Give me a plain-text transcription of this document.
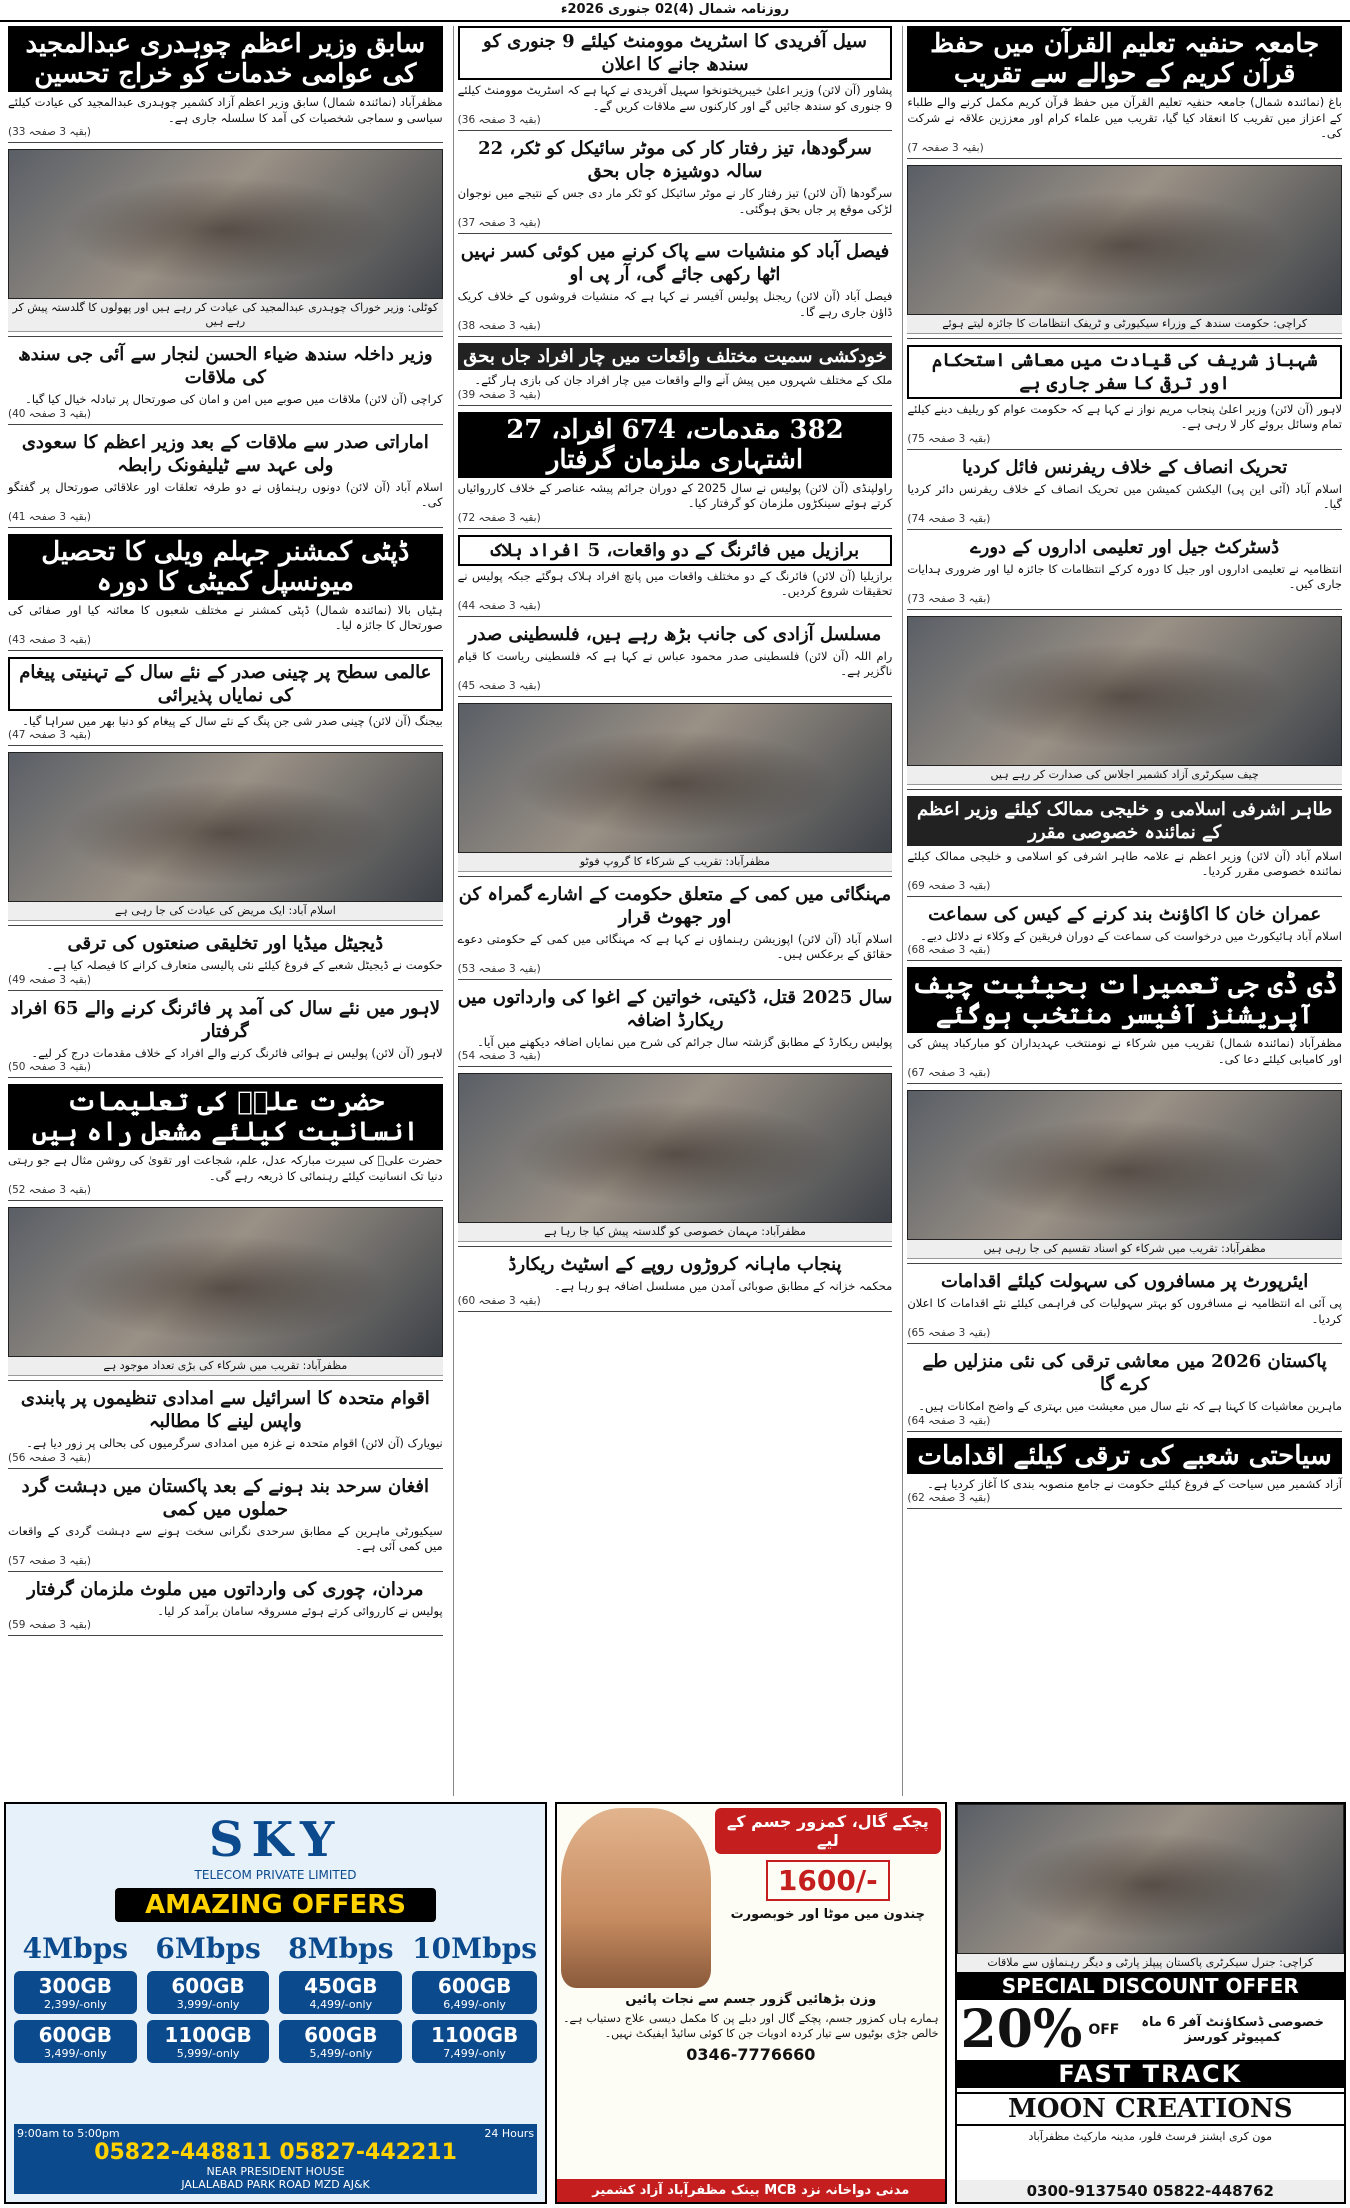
روزنامہ شمال (4)02 جنوری 2026ء
جامعہ حنفیہ تعلیم القرآن میں حفظ قرآن کریم کے حوالے سے تقریب
باغ (نمائندہ شمال) جامعہ حنفیہ تعلیم القرآن میں حفظ قرآن کریم مکمل کرنے والے طلباء کے اعزاز میں تقریب کا انعقاد کیا گیا، تقریب میں علماء کرام اور معززین علاقہ نے شرکت کی۔
(بقیہ 3 صفحہ 7)
کراچی: حکومت سندھ کے وزراء سیکیورٹی و ٹریفک انتظامات کا جائزہ لیتے ہوئے
شہباز شریف کی قیادت میں معاشی استحکام اور ترقی کا سفر جاری ہے
لاہور (آن لائن) وزیر اعلیٰ پنجاب مریم نواز نے کہا ہے کہ حکومت عوام کو ریلیف دینے کیلئے تمام وسائل بروئے کار لا رہی ہے۔
(بقیہ 3 صفحہ 75)
تحریک انصاف کے خلاف ریفرنس فائل کردیا
اسلام آباد (آئی این پی) الیکشن کمیشن میں تحریک انصاف کے خلاف ریفرنس دائر کردیا گیا۔
(بقیہ 3 صفحہ 74)
ڈسٹرکٹ جیل اور تعلیمی اداروں کے دورے
انتظامیہ نے تعلیمی اداروں اور جیل کا دورہ کرکے انتظامات کا جائزہ لیا اور ضروری ہدایات جاری کیں۔
(بقیہ 3 صفحہ 73)
چیف سیکرٹری آزاد کشمیر اجلاس کی صدارت کر رہے ہیں
طاہر اشرفی اسلامی و خلیجی ممالک کیلئے وزیر اعظم کے نمائندہ خصوصی مقرر
اسلام آباد (آن لائن) وزیر اعظم نے علامہ طاہر اشرفی کو اسلامی و خلیجی ممالک کیلئے نمائندہ خصوصی مقرر کردیا۔
(بقیہ 3 صفحہ 69)
عمران خان کا اکاؤنٹ بند کرنے کے کیس کی سماعت
اسلام آباد ہائیکورٹ میں درخواست کی سماعت کے دوران فریقین کے وکلاء نے دلائل دیے۔
(بقیہ 3 صفحہ 68)
ڈی ڈی جی تعمیرات بحیثیت چیف آپریشنز آفیسر منتخب ہوگئے
مظفرآباد (نمائندہ شمال) تقریب میں شرکاء نے نومنتخب عہدیداران کو مبارکباد پیش کی اور کامیابی کیلئے دعا کی۔
(بقیہ 3 صفحہ 67)
مظفرآباد: تقریب میں شرکاء کو اسناد تقسیم کی جا رہی ہیں
ایئرپورٹ پر مسافروں کی سہولت کیلئے اقدامات
پی آئی اے انتظامیہ نے مسافروں کو بہتر سہولیات کی فراہمی کیلئے نئے اقدامات کا اعلان کردیا۔
(بقیہ 3 صفحہ 65)
پاکستان 2026 میں معاشی ترقی کی نئی منزلیں طے کرے گا
ماہرین معاشیات کا کہنا ہے کہ نئے سال میں معیشت میں بہتری کے واضح امکانات ہیں۔
(بقیہ 3 صفحہ 64)
سیاحتی شعبے کی ترقی کیلئے اقدامات
آزاد کشمیر میں سیاحت کے فروغ کیلئے حکومت نے جامع منصوبہ بندی کا آغاز کردیا ہے۔
(بقیہ 3 صفحہ 62)
سیل آفریدی کا اسٹریٹ موومنٹ کیلئے 9 جنوری کو سندھ جانے کا اعلان
پشاور (آن لائن) وزیر اعلیٰ خیبرپختونخوا سہیل آفریدی نے کہا ہے کہ اسٹریٹ موومنٹ کیلئے 9 جنوری کو سندھ جائیں گے اور کارکنوں سے ملاقات کریں گے۔
(بقیہ 3 صفحہ 36)
سرگودھا، تیز رفتار کار کی موٹر سائیکل کو ٹکر، 22 سالہ دوشیزہ جاں بحق
سرگودھا (آن لائن) تیز رفتار کار نے موٹر سائیکل کو ٹکر مار دی جس کے نتیجے میں نوجوان لڑکی موقع پر جاں بحق ہوگئی۔
(بقیہ 3 صفحہ 37)
فیصل آباد کو منشیات سے پاک کرنے میں کوئی کسر نہیں اٹھا رکھی جائے گی، آر پی او
فیصل آباد (آن لائن) ریجنل پولیس آفیسر نے کہا ہے کہ منشیات فروشوں کے خلاف کریک ڈاؤن جاری رہے گا۔
(بقیہ 3 صفحہ 38)
خودکشی سمیت مختلف واقعات میں چار افراد جاں بحق
ملک کے مختلف شہروں میں پیش آنے والے واقعات میں چار افراد جان کی بازی ہار گئے۔
(بقیہ 3 صفحہ 39)
382 مقدمات، 674 افراد، 27 اشتہاری ملزمان گرفتار
راولپنڈی (آن لائن) پولیس نے سال 2025 کے دوران جرائم پیشہ عناصر کے خلاف کارروائیاں کرتے ہوئے سینکڑوں ملزمان کو گرفتار کیا۔
(بقیہ 3 صفحہ 72)
برازیل میں فائرنگ کے دو واقعات، 5 افراد ہلاک
برازیلیا (آن لائن) فائرنگ کے دو مختلف واقعات میں پانچ افراد ہلاک ہوگئے جبکہ پولیس نے تحقیقات شروع کردیں۔
(بقیہ 3 صفحہ 44)
مسلسل آزادی کی جانب بڑھ رہے ہیں، فلسطینی صدر
رام اللہ (آن لائن) فلسطینی صدر محمود عباس نے کہا ہے کہ فلسطینی ریاست کا قیام ناگزیر ہے۔
(بقیہ 3 صفحہ 45)
مظفرآباد: تقریب کے شرکاء کا گروپ فوٹو
مہنگائی میں کمی کے متعلق حکومت کے اشارے گمراہ کن اور جھوٹ قرار
اسلام آباد (آن لائن) اپوزیشن رہنماؤں نے کہا ہے کہ مہنگائی میں کمی کے حکومتی دعوے حقائق کے برعکس ہیں۔
(بقیہ 3 صفحہ 53)
سال 2025 قتل، ڈکیتی، خواتین کے اغوا کی وارداتوں میں ریکارڈ اضافہ
پولیس ریکارڈ کے مطابق گزشتہ سال جرائم کی شرح میں نمایاں اضافہ دیکھنے میں آیا۔
(بقیہ 3 صفحہ 54)
مظفرآباد: مہمان خصوصی کو گلدستہ پیش کیا جا رہا ہے
پنجاب ماہانہ کروڑوں روپے کے اسٹیٹ ریکارڈ
محکمہ خزانہ کے مطابق صوبائی آمدن میں مسلسل اضافہ ہو رہا ہے۔
(بقیہ 3 صفحہ 60)
سابق وزیر اعظم چوہدری عبدالمجید کی عوامی خدمات کو خراج تحسین
مظفرآباد (نمائندہ شمال) سابق وزیر اعظم آزاد کشمیر چوہدری عبدالمجید کی عیادت کیلئے سیاسی و سماجی شخصیات کی آمد کا سلسلہ جاری ہے۔
(بقیہ 3 صفحہ 33)
کوٹلی: وزیر خوراک چوہدری عبدالمجید کی عیادت کر رہے ہیں اور پھولوں کا گلدستہ پیش کر رہے ہیں
وزیر داخلہ سندھ ضیاء الحسن لنجار سے آئی جی سندھ کی ملاقات
کراچی (آن لائن) ملاقات میں صوبے میں امن و امان کی صورتحال پر تبادلہ خیال کیا گیا۔
(بقیہ 3 صفحہ 40)
اماراتی صدر سے ملاقات کے بعد وزیر اعظم کا سعودی ولی عہد سے ٹیلیفونک رابطہ
اسلام آباد (آن لائن) دونوں رہنماؤں نے دو طرفہ تعلقات اور علاقائی صورتحال پر گفتگو کی۔
(بقیہ 3 صفحہ 41)
ڈپٹی کمشنر جہلم ویلی کا تحصیل میونسپل کمیٹی کا دورہ
ہٹیاں بالا (نمائندہ شمال) ڈپٹی کمشنر نے مختلف شعبوں کا معائنہ کیا اور صفائی کی صورتحال کا جائزہ لیا۔
(بقیہ 3 صفحہ 43)
عالمی سطح پر چینی صدر کے نئے سال کے تہنیتی پیغام کی نمایاں پذیرائی
بیجنگ (آن لائن) چینی صدر شی جن پنگ کے نئے سال کے پیغام کو دنیا بھر میں سراہا گیا۔
(بقیہ 3 صفحہ 47)
اسلام آباد: ایک مریض کی عیادت کی جا رہی ہے
ڈیجیٹل میڈیا اور تخلیقی صنعتوں کی ترقی
حکومت نے ڈیجیٹل شعبے کے فروغ کیلئے نئی پالیسی متعارف کرانے کا فیصلہ کیا ہے۔
(بقیہ 3 صفحہ 49)
لاہور میں نئے سال کی آمد پر فائرنگ کرنے والے 65 افراد گرفتار
لاہور (آن لائن) پولیس نے ہوائی فائرنگ کرنے والے افراد کے خلاف مقدمات درج کر لیے۔
(بقیہ 3 صفحہ 50)
حضرت علیؓ کی تعلیمات انسانیت کیلئے مشعل راہ ہیں
حضرت علیؓ کی سیرت مبارکہ عدل، علم، شجاعت اور تقویٰ کی روشن مثال ہے جو رہتی دنیا تک انسانیت کیلئے رہنمائی کا ذریعہ رہے گی۔
(بقیہ 3 صفحہ 52)
مظفرآباد: تقریب میں شرکاء کی بڑی تعداد موجود ہے
اقوام متحدہ کا اسرائیل سے امدادی تنظیموں پر پابندی واپس لینے کا مطالبہ
نیویارک (آن لائن) اقوام متحدہ نے غزہ میں امدادی سرگرمیوں کی بحالی پر زور دیا ہے۔
(بقیہ 3 صفحہ 56)
افغان سرحد بند ہونے کے بعد پاکستان میں دہشت گرد حملوں میں کمی
سیکیورٹی ماہرین کے مطابق سرحدی نگرانی سخت ہونے سے دہشت گردی کے واقعات میں کمی آئی ہے۔
(بقیہ 3 صفحہ 57)
مردان، چوری کی وارداتوں میں ملوث ملزمان گرفتار
پولیس نے کارروائی کرتے ہوئے مسروقہ سامان برآمد کر لیا۔
(بقیہ 3 صفحہ 59)
SKY
TELECOM PRIVATE LIMITED
AMAZING OFFERS
4Mbps 6Mbps 8Mbps 10Mbps
300GB
2,399/-only
600GB
3,999/-only
450GB
4,499/-only
600GB
6,499/-only
600GB
3,499/-only
1100GB
5,999/-only
600GB
5,499/-only
1100GB
7,499/-only
9:00am to 5:00pm	24 Hours
05822-448811 05827-442211
NEAR PRESIDENT HOUSE
JALALABAD PARK ROAD MZD AJ&K
پچکے گال، کمزور جسم کے لیے
1600/-
چندون میں موٹا اور خوبصورت
وزن بڑھائیں گزور جسم سے نجات پائیں
ہمارے ہاں کمزور جسم، پچکے گال اور دبلے پن کا مکمل دیسی علاج دستیاب ہے۔ خالص جڑی بوٹیوں سے تیار کردہ ادویات جن کا کوئی سائیڈ ایفیکٹ نہیں۔
0346-7776660
مدنی دواخانہ نزد MCB بینک مظفرآباد آزاد کشمیر
کراچی: جنرل سیکرٹری پاکستان پیپلز پارٹی و دیگر رہنماؤں سے ملاقات
SPECIAL DISCOUNT OFFER
20% OFF	خصوصی ڈسکاؤنٹ آفر 6 ماہ کمپیوٹر کورسز
FAST TRACK
MOON CREATIONS
مون کری ایشنز فرسٹ فلور، مدینہ مارکیٹ مظفرآباد
0300-9137540 05822-448762
